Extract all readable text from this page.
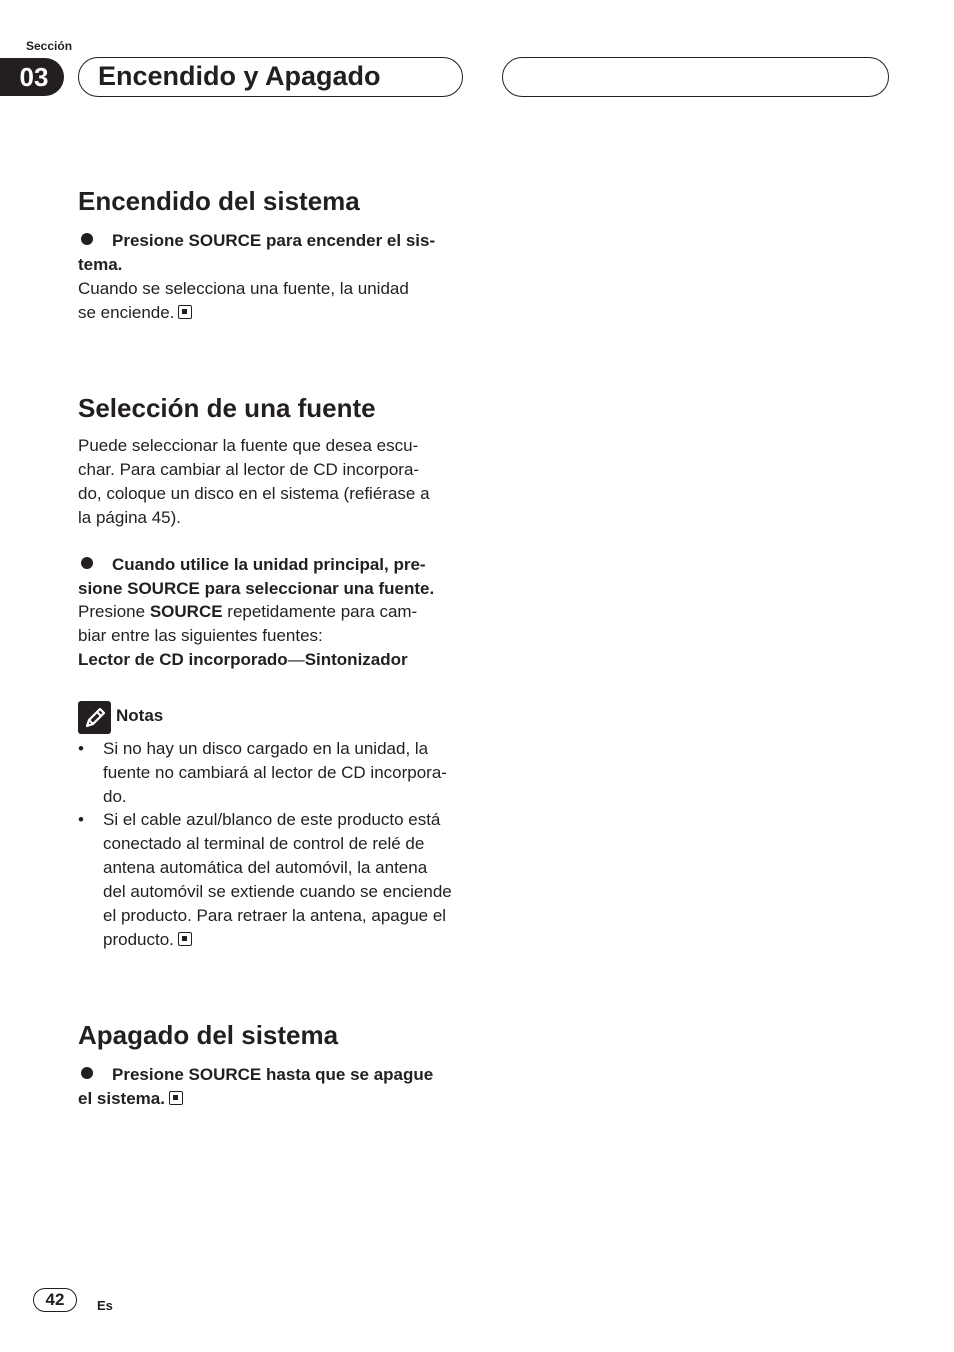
Sección
03	Encendido y Apagado
Encendido del sistema
Presione SOURCE para encender el sis-
tema.
Cuando se selecciona una fuente, la unidad
se enciende.
Selección de una fuente
Puede seleccionar la fuente que desea escu-
char. Para cambiar al lector de CD incorpora-
do, coloque un disco en el sistema (refiérase a
la página 45).
Cuando utilice la unidad principal, pre-
sione SOURCE para seleccionar una fuente.
Presione SOURCE repetidamente para cam-
biar entre las siguientes fuentes:
Lector de CD incorporado—Sintonizador
Notas
• Si no hay un disco cargado en la unidad, la
fuente no cambiará al lector de CD incorpora-
do.
• Si el cable azul/blanco de este producto está
conectado al terminal de control de relé de
antena automática del automóvil, la antena
del automóvil se extiende cuando se enciende
el producto. Para retraer la antena, apague el
producto.
Apagado del sistema
Presione SOURCE hasta que se apague
el sistema.
42	Es
